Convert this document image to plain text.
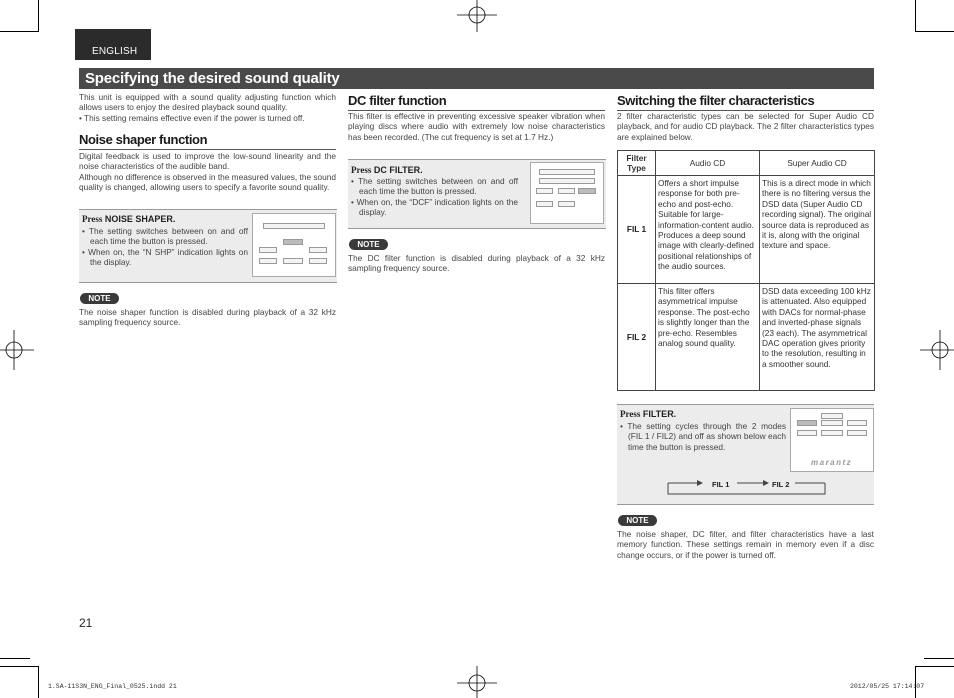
ENGLISH
Specifying the desired sound quality
This unit is equipped with a sound quality adjusting function which allows users to enjoy the desired playback sound quality.
• This setting remains effective even if the power is turned off.
Noise shaper function
Digital feedback is used to improve the low-sound linearity and the noise characteristics of the audible band.
Although no difference is observed in the measured values, the sound quality is changed, allowing users to specify a favorite sound quality.
Press NOISE SHAPER.
• The setting switches between on and off each time the button is pressed.
• When on, the “N SHP” indication lights on the display.
NOTE
The noise shaper function is disabled during playback of a 32 kHz sampling frequency source.
DC filter function
This filter is effective in preventing excessive speaker vibration when playing discs where audio with extremely low noise characteristics has been recorded. (The cut frequency is set at 1.7 Hz.)
Press DC FILTER.
• The setting switches between on and off each time the button is pressed.
• When on, the “DCF” indication lights on the display.
NOTE
The DC filter function is disabled during playback of a 32 kHz sampling frequency source.
Switching the filter characteristics
2 filter characteristic types can be selected for Super Audio CD playback, and for audio CD playback. The 2 filter characteristics types are explained below.
Filter Type	Audio CD	Super Audio CD
FIL 1	Offers a short impulse response for both pre-echo and post-echo. Suitable for large-information-content audio. Produces a deep sound image with clearly-defined positional relationships of the audio sources.	This is a direct mode in which there is no filtering versus the DSD data (Super Audio CD recording signal). The original source data is reproduced as it is, along with the original texture and space.
FIL 2	This filter offers asymmetrical impulse response. The post-echo is slightly longer than the pre-echo. Resembles analog sound quality.	DSD data exceeding 100 kHz is attenuated. Also equipped with DACs for normal-phase and inverted-phase signals (23 each). The asymmetrical DAC operation gives priority to the resolution, resulting in a smoother sound.
Press FILTER.
• The setting cycles through the 2 modes (FIL 1 / FIL2) and off as shown below each time the button is pressed.
marantz
FIL 1	FIL 2
NOTE
The noise shaper, DC filter, and filter characteristics have a last memory function. These settings remain in memory even if a disc change occurs, or if the power is turned off.
21
1.SA-11S3N_ENG_Final_0525.indd 21	2012/05/25 17:14:07
